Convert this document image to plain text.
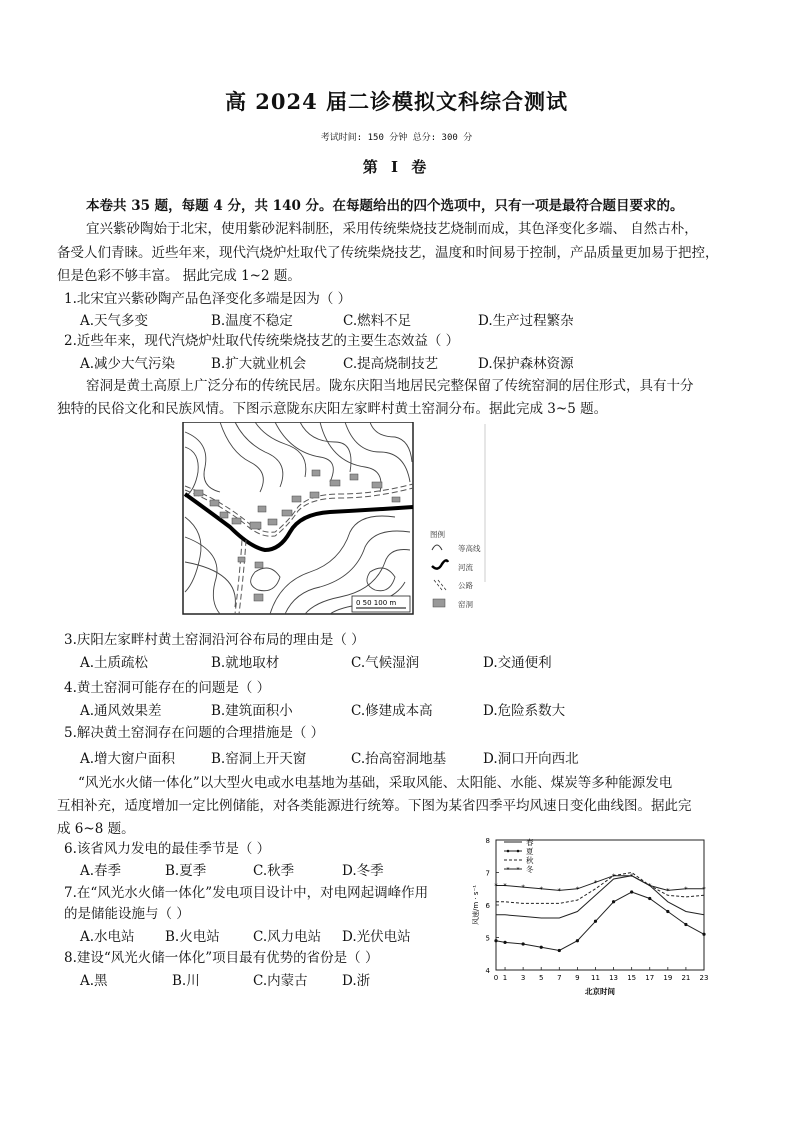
高 2024 届二诊模拟文科综合测试
考试时间: 150 分钟 总分: 300 分
第 Ⅰ 卷
本卷共 35 题，每题 4 分，共 140 分。在每题给出的四个选项中，只有一项是最符合题目要求的。
宜兴紫砂陶始于北宋，使用紫砂泥料制胚，采用传统柴烧技艺烧制而成，其色泽变化多端、 自然古朴，
备受人们青睐。近些年来，现代汽烧炉灶取代了传统柴烧技艺，温度和时间易于控制，产品质量更加易于把控，
但是色彩不够丰富。 据此完成 1~2 题。
1.北宋宜兴紫砂陶产品色泽变化多端是因为（ ）
A.天气多变	B.温度不稳定	C.燃料不足	D.生产过程繁杂
2.近些年来，现代汽烧炉灶取代传统柴烧技艺的主要生态效益（ ）
A.减少大气污染	B.扩大就业机会	C.提高烧制技艺	D.保护森林资源
窑洞是黄土高原上广泛分布的传统民居。陇东庆阳当地居民完整保留了传统窑洞的居住形式，具有十分
独特的民俗文化和民族风情。下图示意陇东庆阳左家畔村黄土窑洞分布。据此完成 3~5 题。
0 50 100 m
图例
等高线
河流
公路
窑洞
3.庆阳左家畔村黄土窑洞沿河谷布局的理由是（ ）
A.土质疏松	B.就地取材	C.气候湿润	D.交通便利
4.黄土窑洞可能存在的问题是（ ）
A.通风效果差	B.建筑面积小	C.修建成本高	D.危险系数大
5.解决黄土窑洞存在问题的合理措施是（ ）
A.增大窗户面积	B.窑洞上开天窗	C.抬高窑洞地基	D.洞口开向西北
“风光水火储一体化”以大型火电或水电基地为基础，采取风能、太阳能、水能、煤炭等多种能源发电
互相补充，适度增加一定比例储能，对各类能源进行统筹。下图为某省四季平均风速日变化曲线图。据此完
成 6~8 题。
6.该省风力发电的最佳季节是（ ）
A.春季	B.夏季	C.秋季	D.冬季
7.在“风光水火储一体化”发电项目设计中，对电网起调峰作用
的是储能设施与（ ）
A.水电站 B.火电站 C.风力电站 D.光伏电站
8.建设“风光火储一体化”项目最有优势的省份是（ ）
A.黑	B.川	C.内蒙古	D.浙
4
5
6
7
8
0 1 3 5 7 9 11 13 15 17 19 21 23
北京时间
风速/m · s⁻¹
春
夏
秋
* * * * * *
*
* *
*
* * *
* * 冬
